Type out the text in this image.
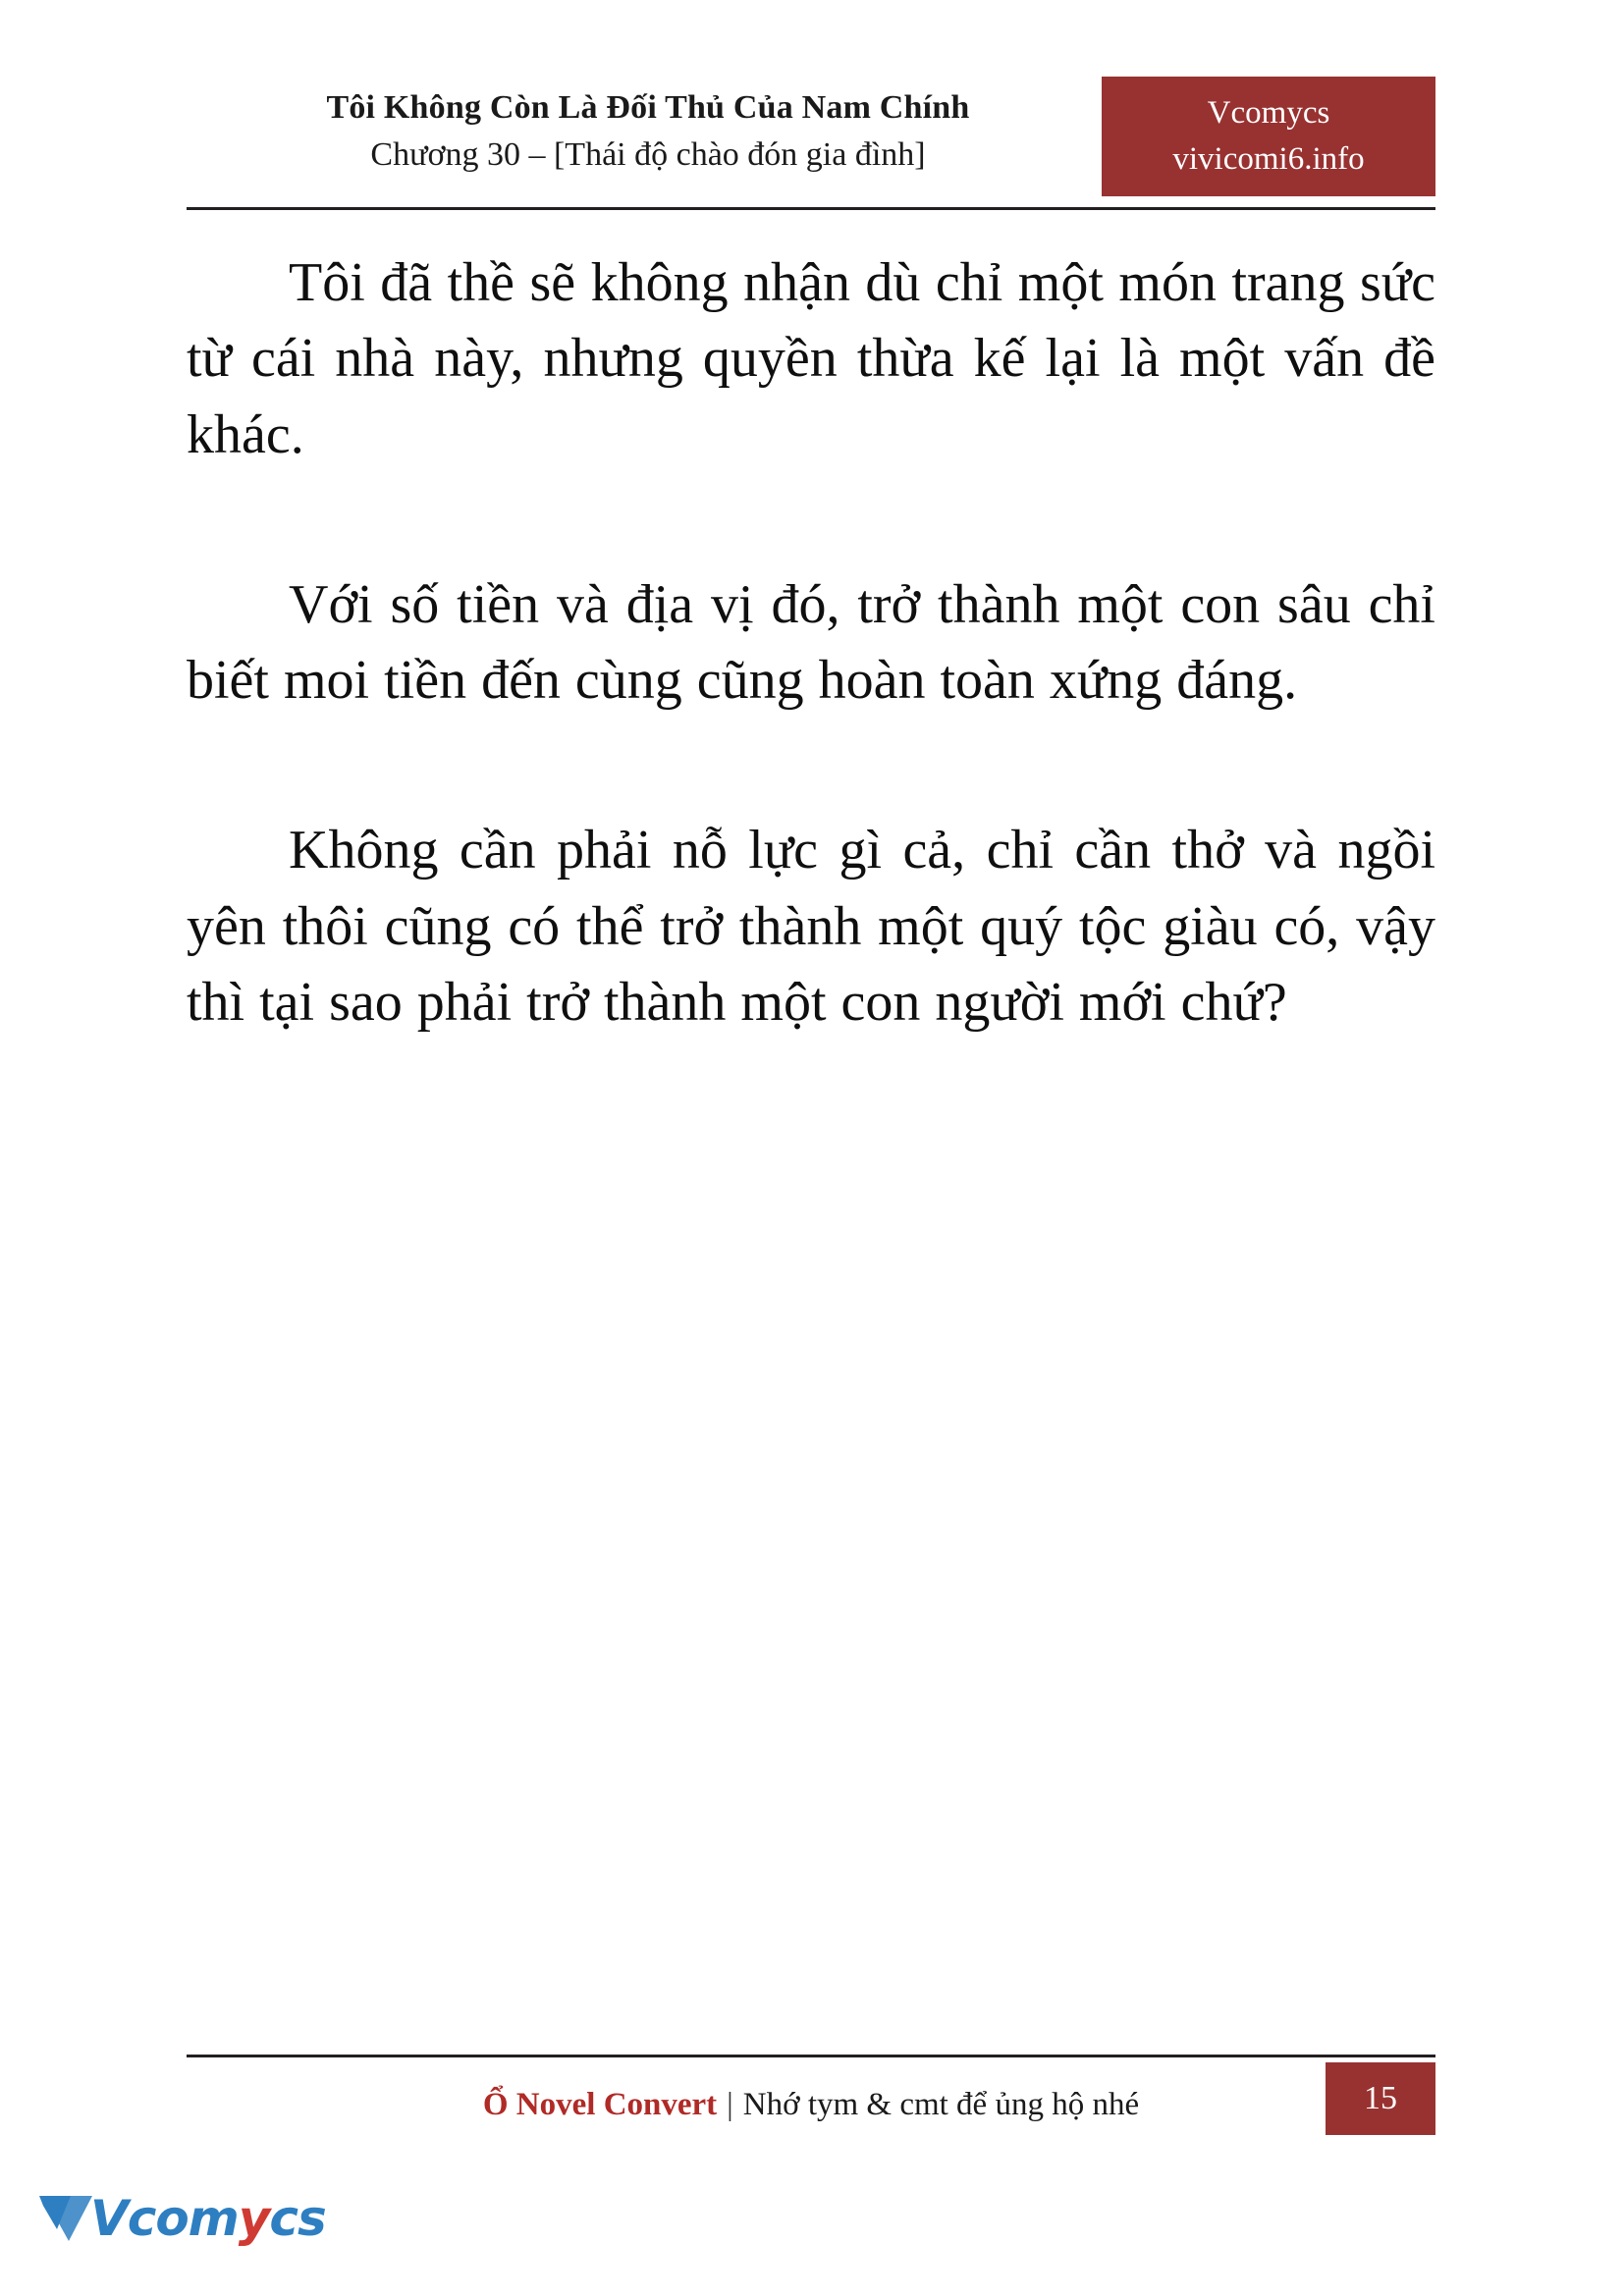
Tôi Không Còn Là Đối Thủ Của Nam Chính
Chương 30 – [Thái độ chào đón gia đình]
Vcomycs
vivicomi6.info

Tôi đã thề sẽ không nhận dù chỉ một món trang sức từ cái nhà này, nhưng quyền thừa kế lại là một vấn đề khác.

Với số tiền và địa vị đó, trở thành một con sâu chỉ biết moi tiền đến cùng cũng hoàn toàn xứng đáng.

Không cần phải nỗ lực gì cả, chỉ cần thở và ngồi yên thôi cũng có thể trở thành một quý tộc giàu có, vậy thì tại sao phải trở thành một con người mới chứ?

Ổ Novel Convert | Nhớ tym & cmt để ủng hộ nhé	15
Vcomycs
